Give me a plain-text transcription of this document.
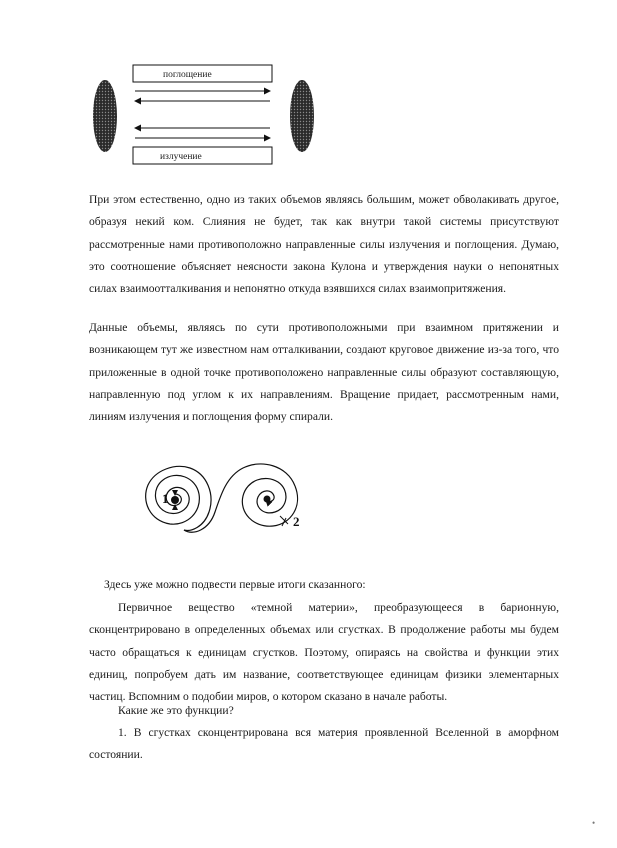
поглощение
излучение

При этом естественно, одно из таких объемов являясь большим, может обволакивать другое, образуя некий ком. Слияния не будет, так как внутри такой системы присутствуют рассмотренные нами противоположно направленные силы излучения и поглощения. Думаю, это соотношение объясняет неясности закона Кулона и утверждения науки о непонятных силах взаимоотталкивания и непонятно откуда взявшихся силах взаимопритяжения.

Данные объемы, являясь по сути противоположными при взаимном притяжении и возникающем тут же известном нам отталкивании, создают круговое движение из-за того, что приложенные в одной точке противоположено направленные силы образуют составляющую, направленную под углом к их направлениям. Вращение придает, рассмотренным нами, линиям излучения и поглощения форму спирали.

1
2

Здесь уже можно подвести первые итоги сказанного:

Первичное вещество «темной материи», преобразующееся в барионную, сконцентрировано в определенных объемах или сгустках. В продолжение работы мы будем часто обращаться к единицам сгустков. Поэтому, опираясь на свойства и функции этих единиц, попробуем дать им название, соответствующее единицам физики элементарных частиц. Вспомним о подобии миров, о котором сказано в начале работы.

Какие же это функции?

1. В сгустках сконцентрирована вся материя проявленной Вселенной в аморфном состоянии.

•
